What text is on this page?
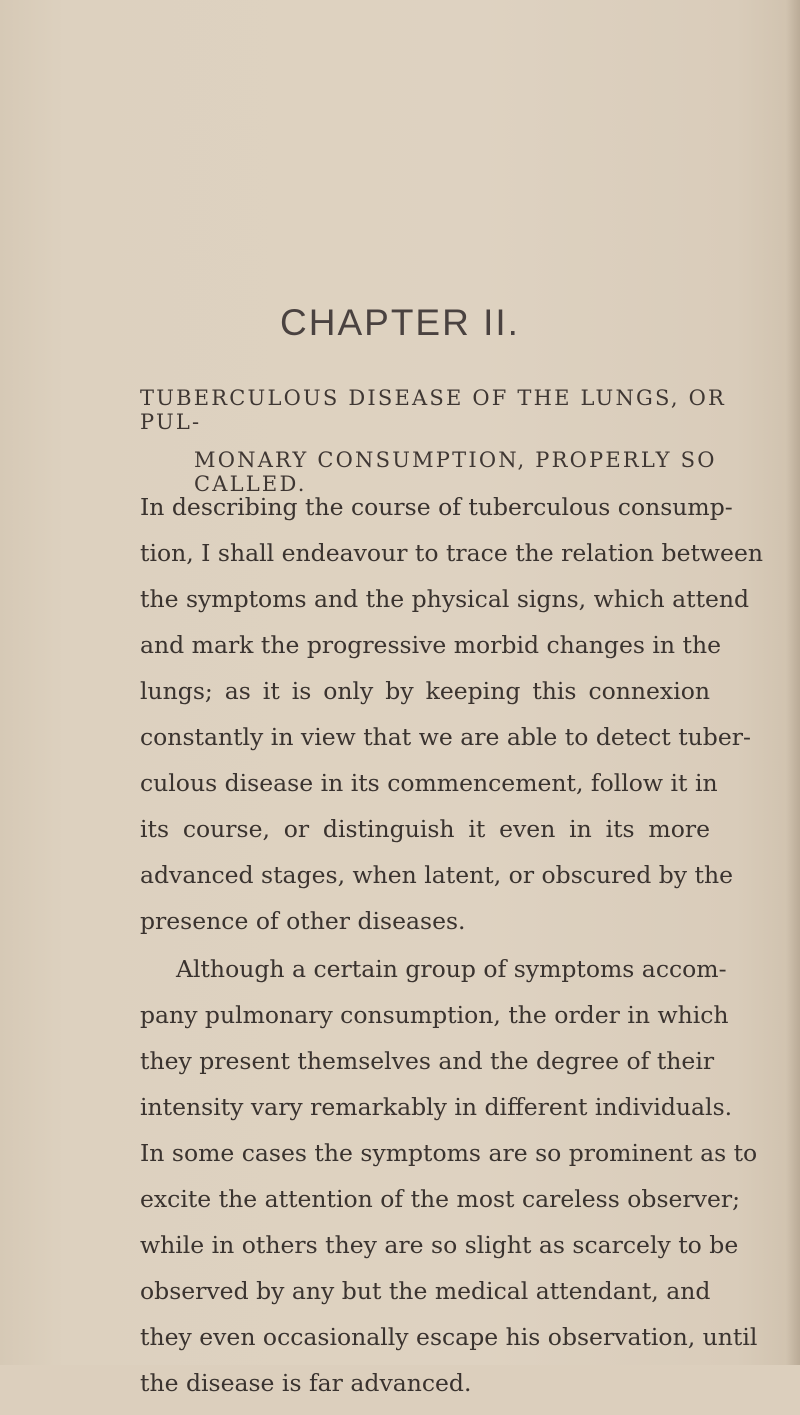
CHAPTER II.
TUBERCULOUS DISEASE OF THE LUNGS, OR PUL-
MONARY CONSUMPTION, PROPERLY SO CALLED.
In describing the course of tuberculous consump-
tion, I shall endeavour to trace the relation between
the symptoms and the physical signs, which attend
and mark the progressive morbid changes in the
lungs; as it is only by keeping this connexion
constantly in view that we are able to detect tuber-
culous disease in its commencement, follow it in
its course, or distinguish it even in its more
advanced stages, when latent, or obscured by the
presence of other diseases.
Although a certain group of symptoms accom-
pany pulmonary consumption, the order in which
they present themselves and the degree of their
intensity vary remarkably in different individuals.
In some cases the symptoms are so prominent as to
excite the attention of the most careless observer;
while in others they are so slight as scarcely to be
observed by any but the medical attendant, and
they even occasionally escape his observation, until
the disease is far advanced.
